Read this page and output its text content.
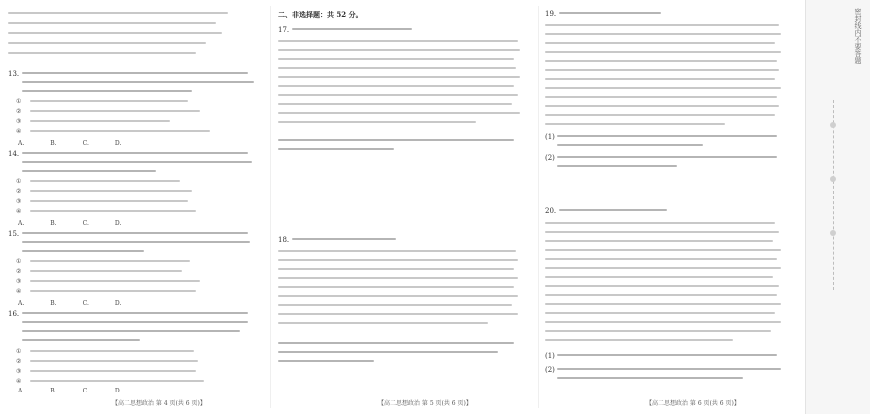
13.
①
②
③
④
A.	B.	C.	D.
14.
①
②
③
④
A.	B.	C.	D.
15.
①
②
③
④
A.	B.	C.	D.
16.
①
②
③
④
A.	B.	C.	D.
二、非选择题：共 52 分。
17.
18.
19.
(1)
(2)
20.
(1)
(2)
【高二思想政治 第 4 页(共 6 页)】	【高二思想政治 第 5 页(共 6 页)】	【高二思想政治 第 6 页(共 6 页)】
密封线内不要答题
